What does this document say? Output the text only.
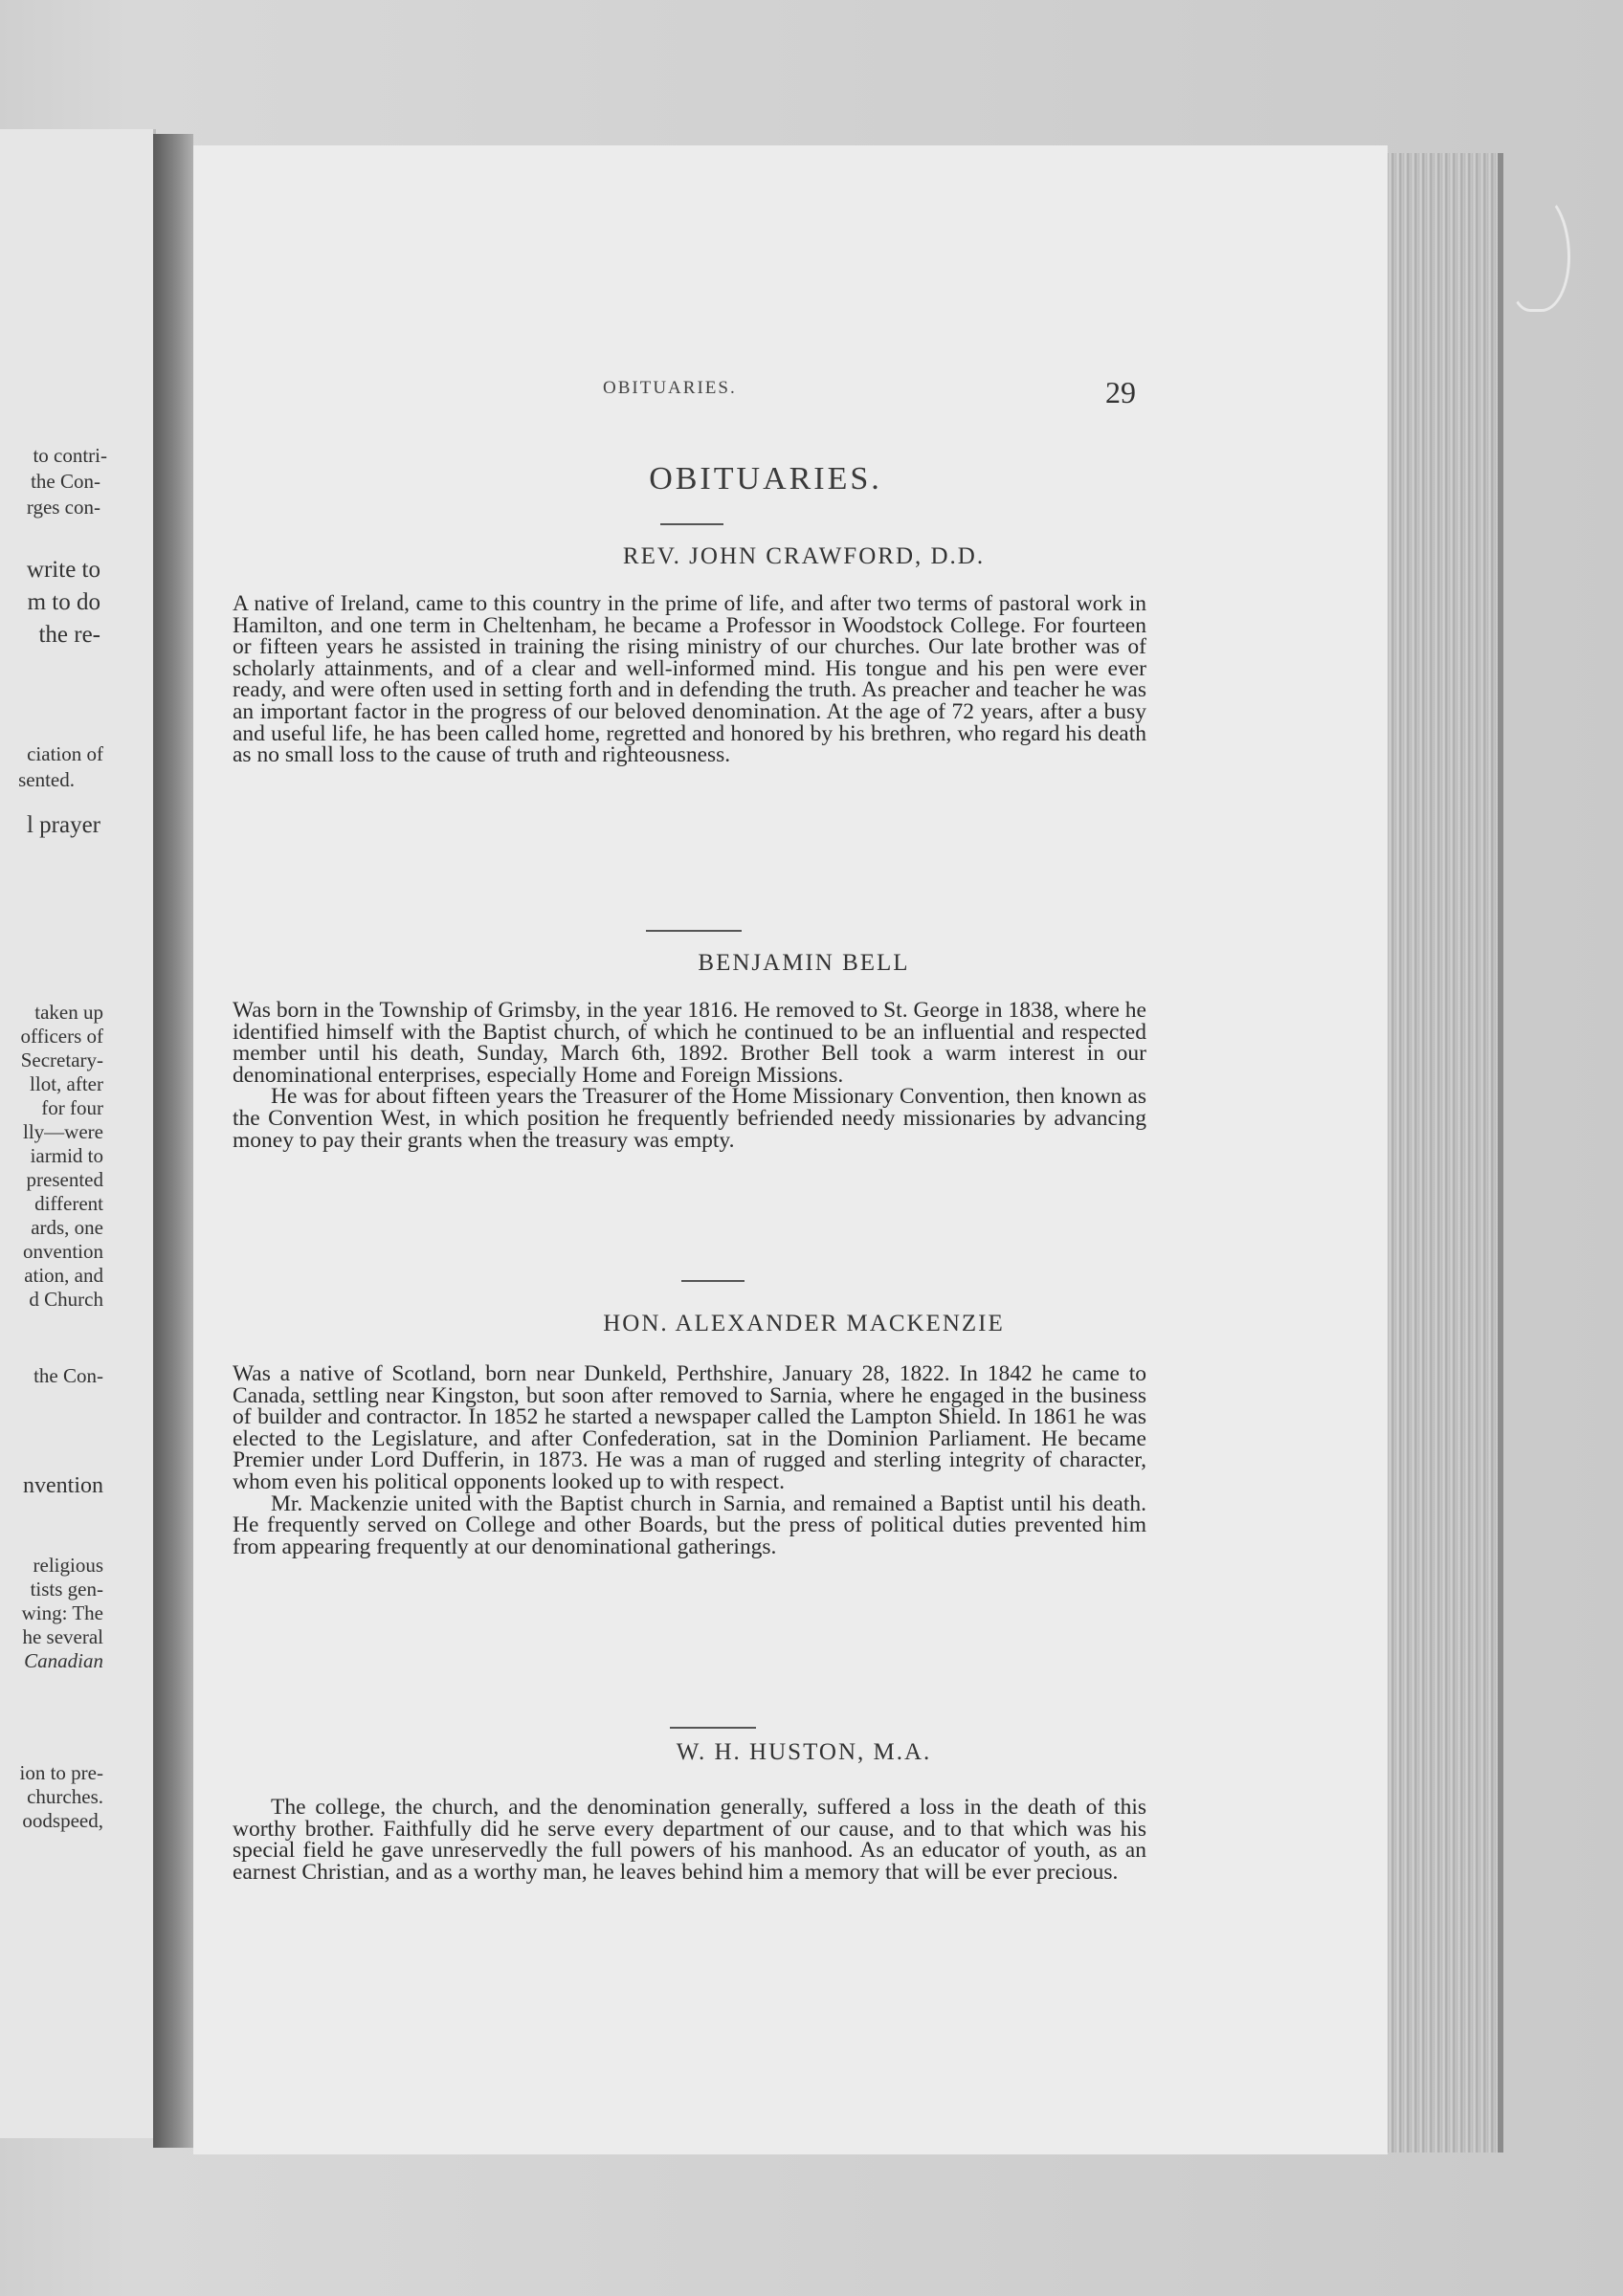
to contri-
the Con-
rges con-
write to
m to do
the re-
ciation of
sented.
l prayer
taken up
officers of
Secretary-
llot, after
for four
lly—were
iarmid to
presented
different
ards, one
onvention
ation, and
d Church
the Con-
nvention
religious
tists gen-
wing: The
he several
Canadian
ion to pre-
churches.
oodspeed,
OBITUARIES.	29
OBITUARIES.
REV. JOHN CRAWFORD, D.D.

A native of Ireland, came to this country in the prime of life, and after two terms of pastoral work in Hamilton, and one term in Cheltenham, he became a Professor in Woodstock College. For fourteen or fifteen years he assisted in training the rising ministry of our churches. Our late brother was of scholarly attainments, and of a clear and well-informed mind. His tongue and his pen were ever ready, and were often used in setting forth and in defending the truth. As preacher and teacher he was an important factor in the progress of our beloved denomination. At the age of 72 years, after a busy and useful life, he has been called home, regretted and honored by his brethren, who regard his death as no small loss to the cause of truth and righteousness.

BENJAMIN BELL

Was born in the Township of Grimsby, in the year 1816. He removed to St. George in 1838, where he identified himself with the Baptist church, of which he continued to be an influential and respected member until his death, Sunday, March 6th, 1892. Brother Bell took a warm interest in our denominational enterprises, especially Home and Foreign Missions.

He was for about fifteen years the Treasurer of the Home Missionary Convention, then known as the Convention West, in which position he frequently befriended needy missionaries by advancing money to pay their grants when the treasury was empty.

HON. ALEXANDER MACKENZIE

Was a native of Scotland, born near Dunkeld, Perthshire, January 28, 1822. In 1842 he came to Canada, settling near Kingston, but soon after removed to Sarnia, where he engaged in the business of builder and contractor. In 1852 he started a newspaper called the Lampton Shield. In 1861 he was elected to the Legislature, and after Confederation, sat in the Dominion Parliament. He became Premier under Lord Dufferin, in 1873. He was a man of rugged and sterling integrity of character, whom even his political opponents looked up to with respect.

Mr. Mackenzie united with the Baptist church in Sarnia, and remained a Baptist until his death. He frequently served on College and other Boards, but the press of political duties prevented him from appearing frequently at our denominational gatherings.

W. H. HUSTON, M.A.

The college, the church, and the denomination generally, suffered a loss in the death of this worthy brother. Faithfully did he serve every department of our cause, and to that which was his special field he gave unreservedly the full powers of his manhood. As an educator of youth, as an earnest Christian, and as a worthy man, he leaves behind him a memory that will be ever precious.
